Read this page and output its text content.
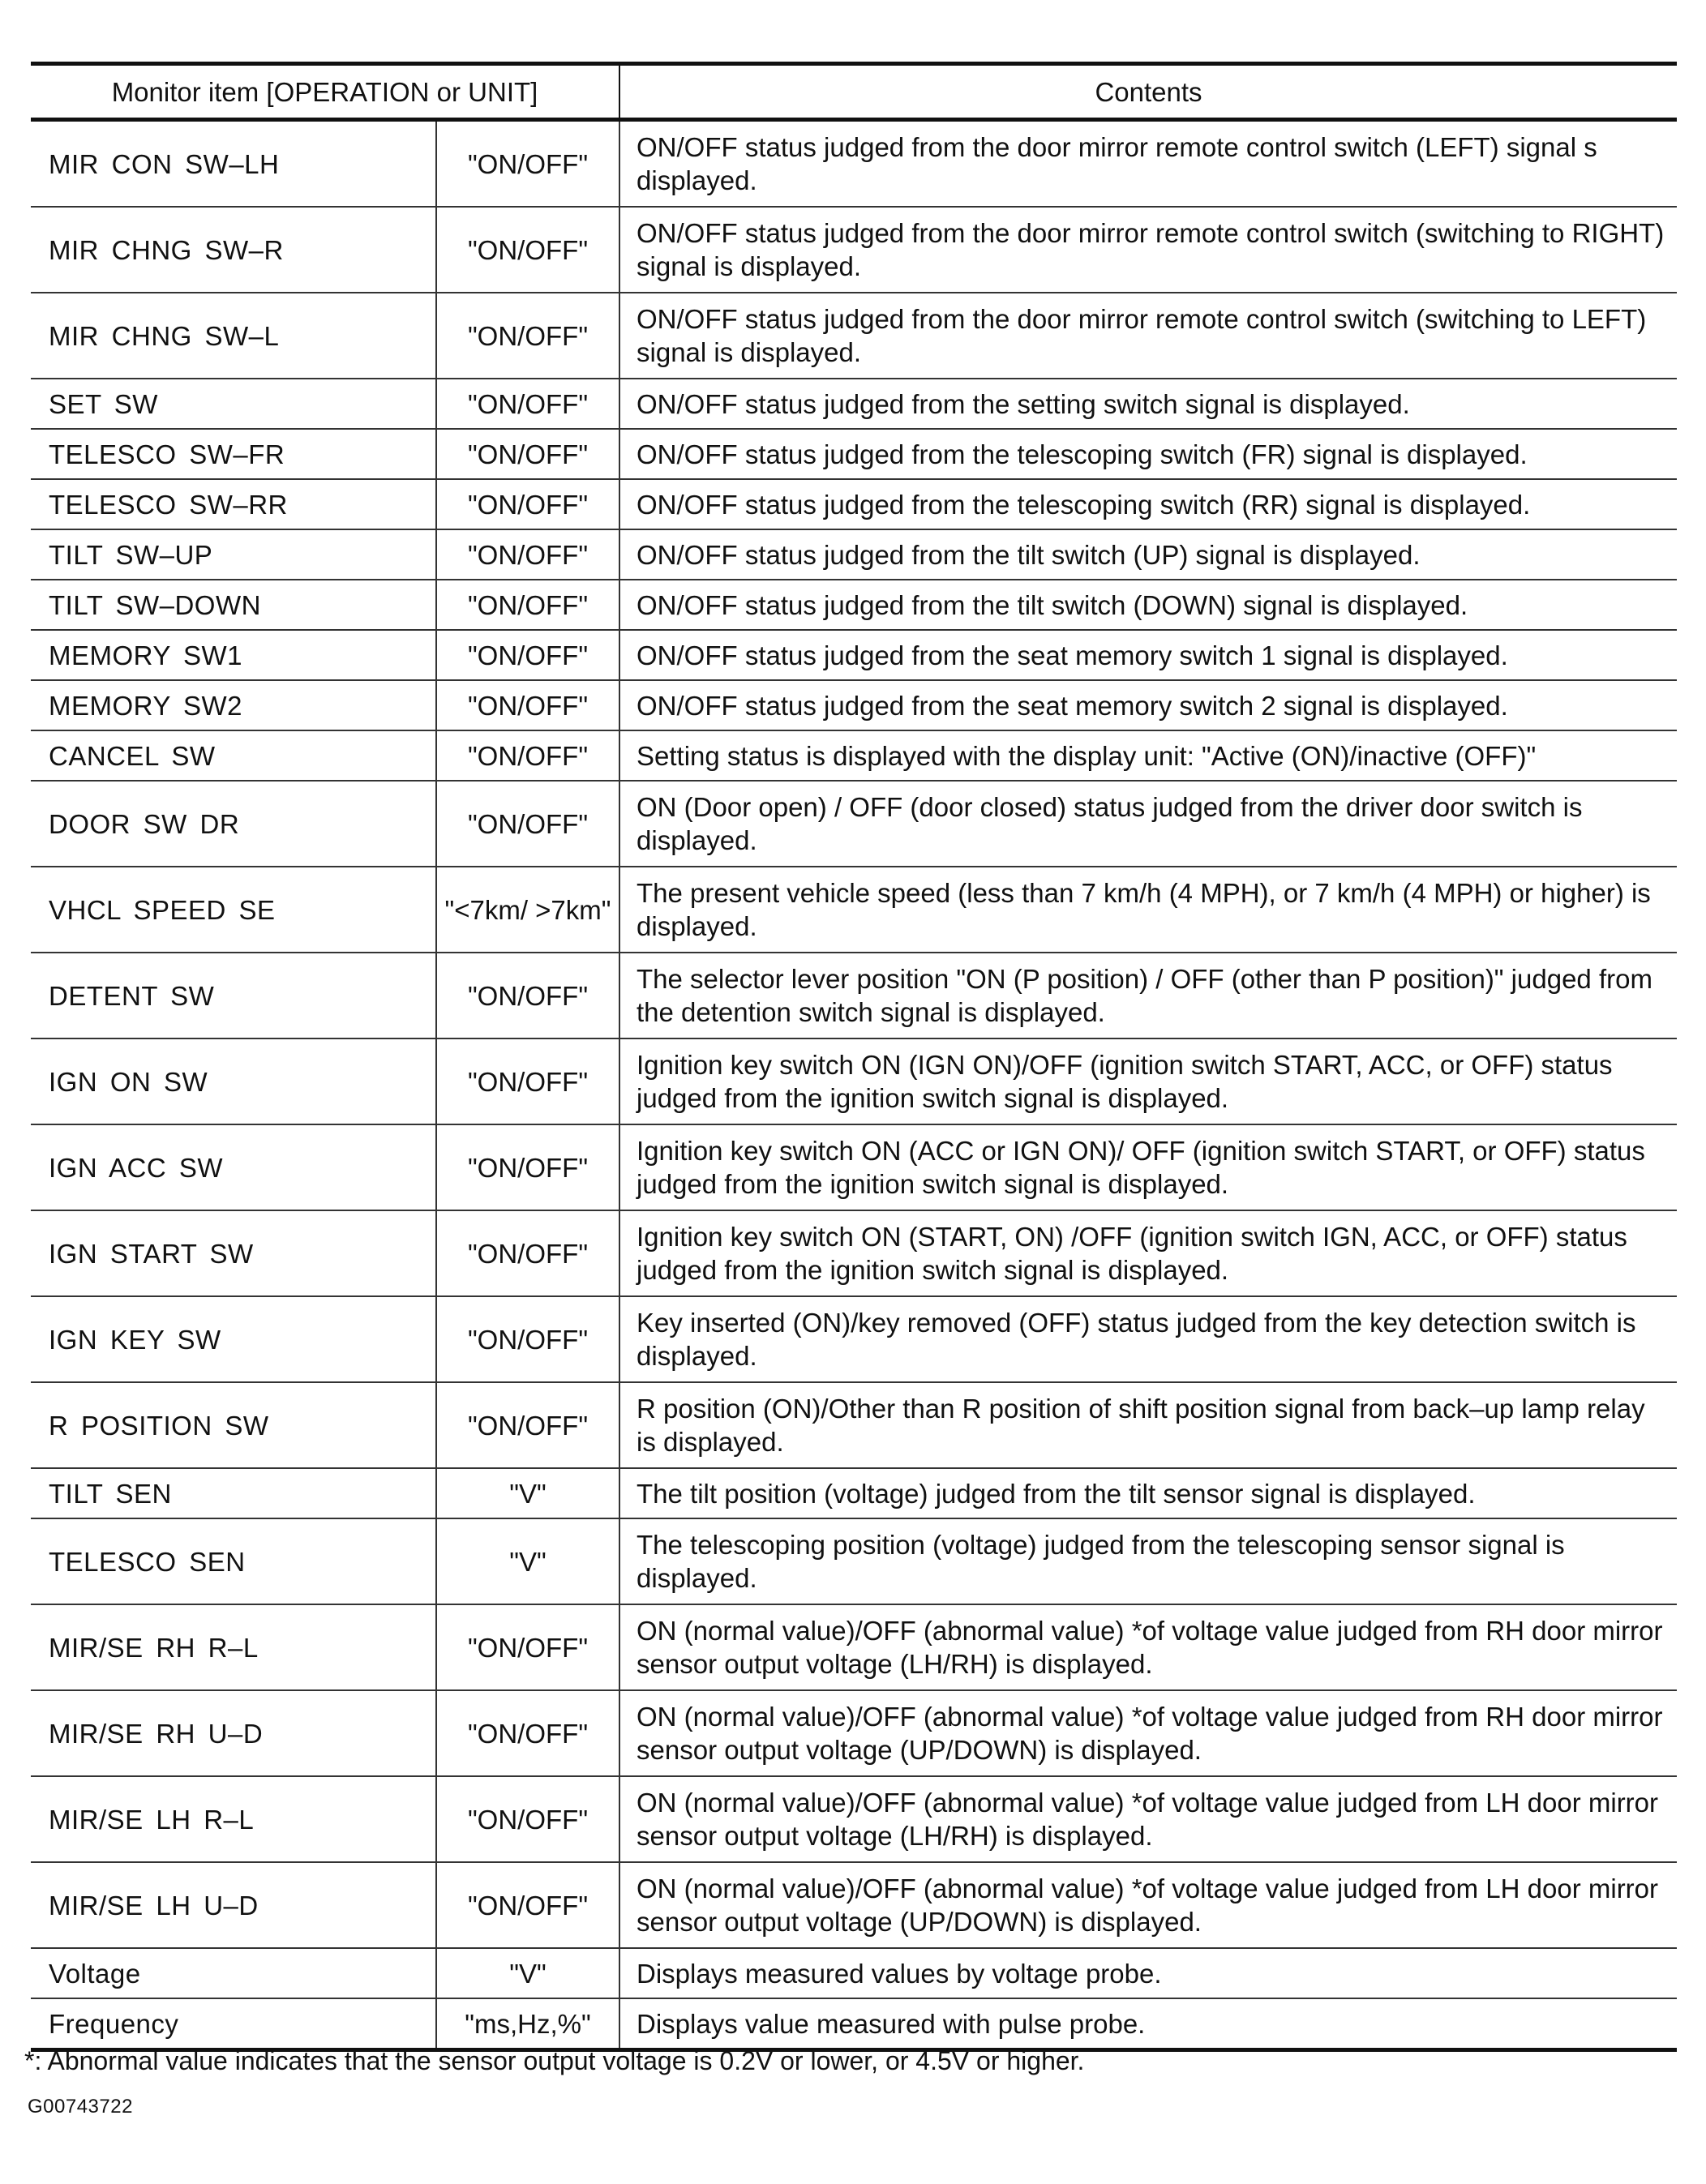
Monitor item [OPERATION or UNIT]		Contents
MIR CON SW–LH	"ON/OFF"	ON/OFF status judged from the door mirror remote control switch (LEFT) signal s displayed.
MIR CHNG SW–R	"ON/OFF"	ON/OFF status judged from the door mirror remote control switch (switching to RIGHT) signal is displayed.
MIR CHNG SW–L	"ON/OFF"	ON/OFF status judged from the door mirror remote control switch (switching to LEFT) signal is displayed.
SET SW	"ON/OFF"	ON/OFF status judged from the setting switch signal is displayed.
TELESCO SW–FR	"ON/OFF"	ON/OFF status judged from the telescoping switch (FR) signal is displayed.
TELESCO SW–RR	"ON/OFF"	ON/OFF status judged from the telescoping switch (RR) signal is displayed.
TILT SW–UP	"ON/OFF"	ON/OFF status judged from the tilt switch (UP) signal is displayed.
TILT SW–DOWN	"ON/OFF"	ON/OFF status judged from the tilt switch (DOWN) signal is displayed.
MEMORY SW1	"ON/OFF"	ON/OFF status judged from the seat memory switch 1 signal is displayed.
MEMORY SW2	"ON/OFF"	ON/OFF status judged from the seat memory switch 2 signal is displayed.
CANCEL SW	"ON/OFF"	Setting status is displayed with the display unit: "Active (ON)/inactive (OFF)"
DOOR SW DR	"ON/OFF"	ON (Door open) / OFF (door closed) status judged from the driver door switch is displayed.
VHCL SPEED SE	"<7km/ >7km"	The present vehicle speed (less than 7 km/h (4 MPH), or 7 km/h (4 MPH) or higher) is displayed.
DETENT SW	"ON/OFF"	The selector lever position "ON (P position) / OFF (other than P position)" judged from the detention switch signal is displayed.
IGN ON SW	"ON/OFF"	Ignition key switch ON (IGN ON)/OFF (ignition switch START, ACC, or OFF) status judged from the ignition switch signal is displayed.
IGN ACC SW	"ON/OFF"	Ignition key switch ON (ACC or IGN ON)/ OFF (ignition switch START, or OFF) status judged from the ignition switch signal is displayed.
IGN START SW	"ON/OFF"	Ignition key switch ON (START, ON) /OFF (ignition switch IGN, ACC, or OFF) status judged from the ignition switch signal is displayed.
IGN KEY SW	"ON/OFF"	Key inserted (ON)/key removed (OFF) status judged from the key detection switch is displayed.
R POSITION SW	"ON/OFF"	R position (ON)/Other than R position of shift position signal from back–up lamp relay is displayed.
TILT SEN	"V"	The tilt position (voltage) judged from the tilt sensor signal is displayed.
TELESCO SEN	"V"	The telescoping position (voltage) judged from the telescoping sensor signal is displayed.
MIR/SE RH R–L	"ON/OFF"	ON (normal value)/OFF (abnormal value) *of voltage value judged from RH door mirror sensor output voltage (LH/RH) is displayed.
MIR/SE RH U–D	"ON/OFF"	ON (normal value)/OFF (abnormal value) *of voltage value judged from RH door mirror sensor output voltage (UP/DOWN) is displayed.
MIR/SE LH R–L	"ON/OFF"	ON (normal value)/OFF (abnormal value) *of voltage value judged from LH door mirror sensor output voltage (LH/RH) is displayed.
MIR/SE LH U–D	"ON/OFF"	ON (normal value)/OFF (abnormal value) *of voltage value judged from LH door mirror sensor output voltage (UP/DOWN) is displayed.
Voltage	"V"	Displays measured values by voltage probe.
Frequency	"ms,Hz,%"	Displays value measured with pulse probe.
*: Abnormal value indicates that the sensor output voltage is 0.2V or lower, or 4.5V or higher.
G00743722
